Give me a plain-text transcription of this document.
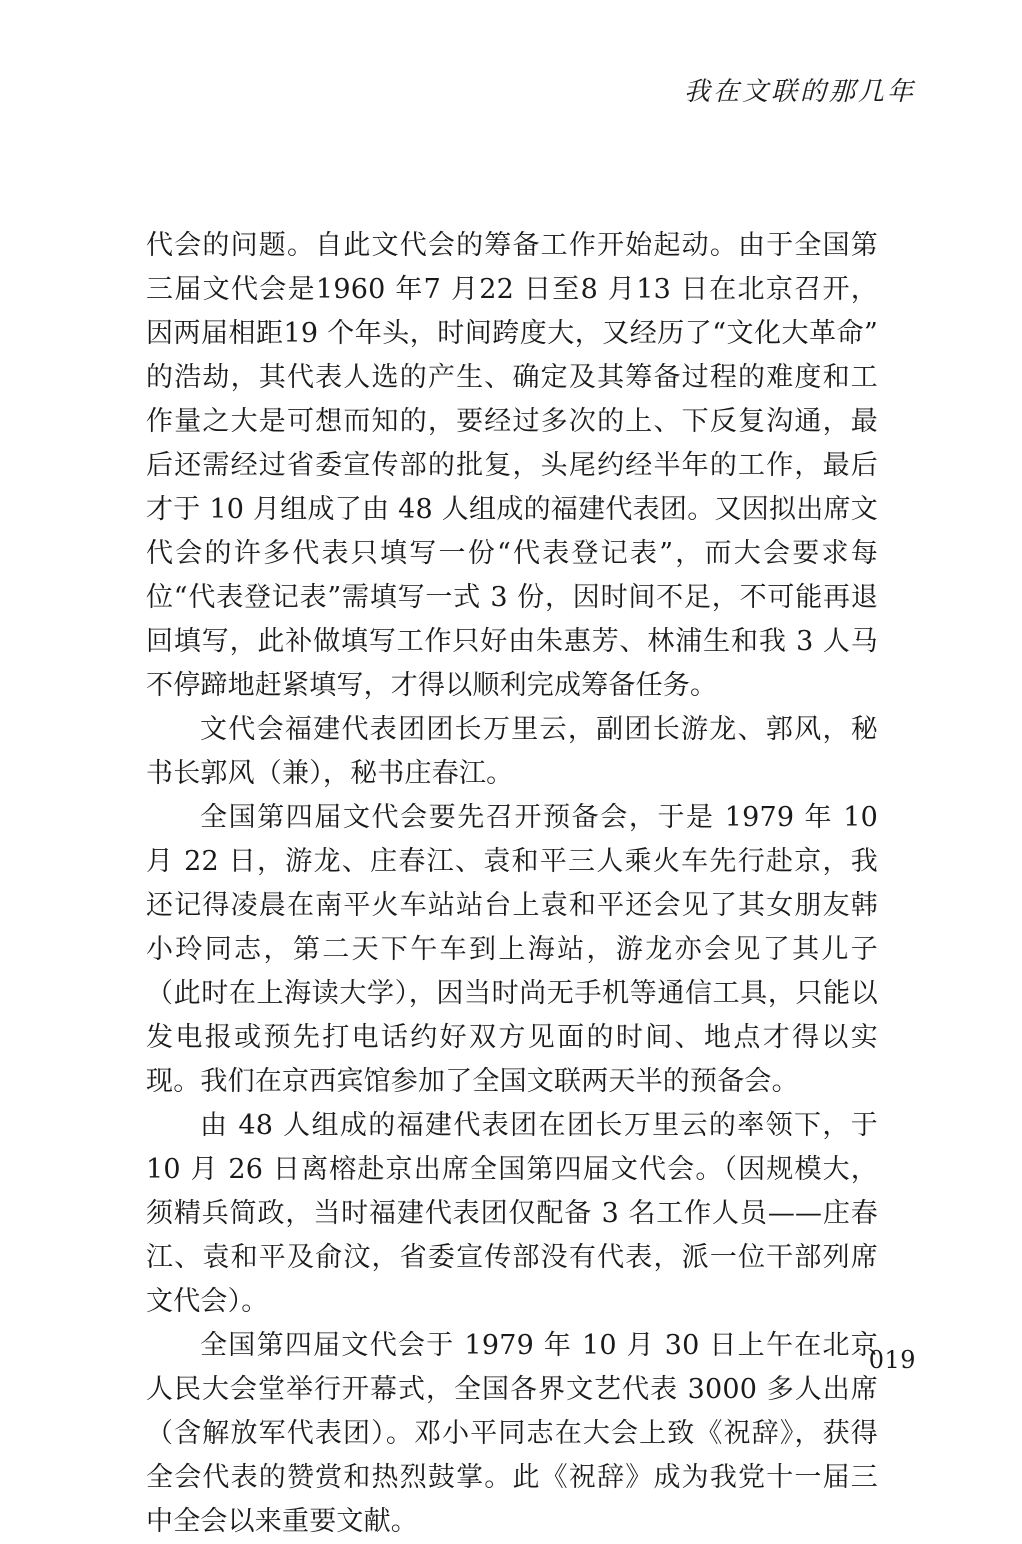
我在文联的那几年

代会的问题。自此文代会的筹备工作开始起动。由于全国第三届文代会是1960 年7 月22 日至8 月13 日在北京召开，因两届相距19 个年头，时间跨度大，又经历了“文化大革命” 的浩劫，其代表人选的产生、确定及其筹备过程的难度和工作量之大是可想而知的，要经过多次的上、下反复沟通，最后还需经过省委宣传部的批复，头尾约经半年的工作，最后才于 10 月组成了由 48 人组成的福建代表团。又因拟出席文代会的许多代表只填写一份“代表登记表”，而大会要求每位“代表登记表”需填写一式 3 份，因时间不足，不可能再退回填写，此补做填写工作只好由朱惠芳、林浦生和我 3 人马不停蹄地赶紧填写，才得以顺利完成筹备任务。

文代会福建代表团团长万里云，副团长游龙、郭风，秘书长郭风（兼），秘书庄春江。

全国第四届文代会要先召开预备会，于是 1979 年 10 月 22 日，游龙、庄春江、袁和平三人乘火车先行赴京，我还记得凌晨在南平火车站站台上袁和平还会见了其女朋友韩小玲同志，第二天下午车到上海站，游龙亦会见了其儿子（此时在上海读大学），因当时尚无手机等通信工具，只能以发电报或预先打电话约好双方见面的时间、地点才得以实现。我们在京西宾馆参加了全国文联两天半的预备会。

由 48 人组成的福建代表团在团长万里云的率领下，于 10 月 26 日离榕赴京出席全国第四届文代会。（因规模大，须精兵简政，当时福建代表团仅配备 3 名工作人员——庄春江、袁和平及俞汶，省委宣传部没有代表，派一位干部列席文代会）。

全国第四届文代会于 1979 年 10 月 30 日上午在北京人民大会堂举行开幕式，全国各界文艺代表 3000 多人出席（含解放军代表团）。邓小平同志在大会上致《祝辞》，获得全会代表的赞赏和热烈鼓掌。此《祝辞》成为我党十一届三中全会以来重要文献。

019
